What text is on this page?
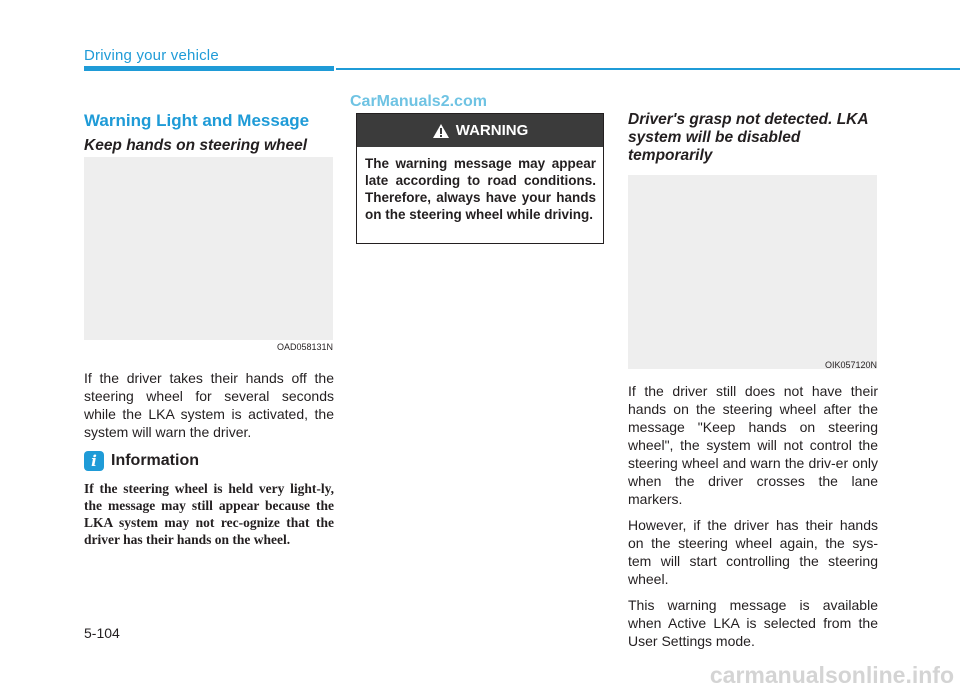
Driving your vehicle
CarManuals2.com
Warning Light and Message
Keep hands on steering wheel
OAD058131N

If the driver takes their hands off the steering wheel for several seconds while the LKA system is activated, the system will warn the driver.

i Information
If the steering wheel is held very light-ly, the message may still appear because the LKA system may not rec-ognize that the driver has their hands on the wheel.
WARNING
The warning message may appear late according to road conditions. Therefore, always have your hands on the steering wheel while driving.
Driver's grasp not detected. LKA system will be disabled temporarily
OIK057120N

If the driver still does not have their hands on the steering wheel after the message "Keep hands on steering wheel", the system will not control the steering wheel and warn the driv-er only when the driver crosses the lane markers.

However, if the driver has their hands on the steering wheel again, the sys-tem will start controlling the steering wheel.

This warning message is available when Active LKA is selected from the User Settings mode.

5-104
carmanualsonline.info
